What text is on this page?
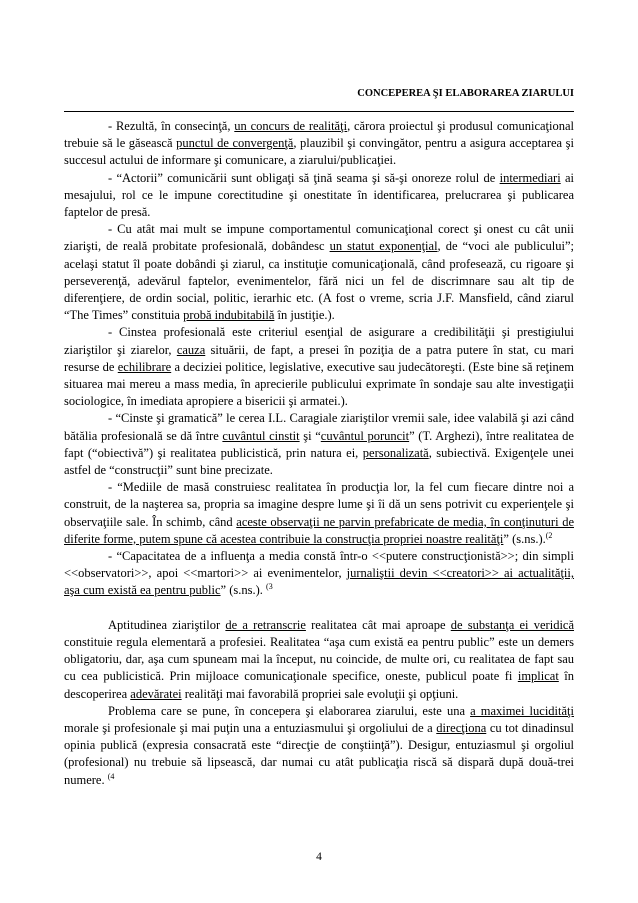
CONCEPEREA ŞI ELABORAREA ZIARULUI

- Rezultă, în consecinţă, un concurs de realităţi, cărora proiectul şi produsul comunicaţional trebuie să le găsească punctul de convergenţă, plauzibil şi convingător, pentru a asigura acceptarea şi succesul actului de informare şi comunicare, a ziarului/publicaţiei.

- “Actorii” comunicării sunt obligaţi să ţină seama şi să-şi onoreze rolul de intermediari ai mesajului, rol ce le impune corectitudine şi onestitate în identificarea, prelucrarea şi publicarea faptelor de presă.

- Cu atât mai mult se impune comportamentul comunicaţional corect şi onest cu cât unii ziarişti, de reală probitate profesională, dobândesc un statut exponenţial, de “voci ale publicului”; acelaşi statut îl poate dobândi şi ziarul, ca instituţie comunicaţională, când profesează, cu rigoare şi perseverenţă, adevărul faptelor, evenimentelor, fără nici un fel de discrimnare sau alt tip de diferenţiere, de ordin social, politic, ierarhic etc. (A fost o vreme, scria J.F. Mansfield, când ziarul “The Times” constituia probă indubitabilă în justiţie.).

- Cinstea profesională este criteriul esenţial de asigurare a credibilităţii şi prestigiului ziariştilor şi ziarelor, cauza situării, de fapt, a presei în poziţia de a patra putere în stat, cu mari resurse de echilibrare a deciziei politice, legislative, executive sau judecătoreşti. (Este bine să reţinem situarea mai mereu a mass media, în aprecierile publicului exprimate în sondaje sau alte investigaţii sociologice, în imediata apropiere a bisericii şi armatei.).

- “Cinste şi gramatică” le cerea I.L. Caragiale ziariştilor vremii sale, idee valabilă şi azi când bătălia profesională se dă între cuvântul cinstit şi “cuvântul poruncit” (T. Arghezi), între realitatea de fapt (“obiectivă”) şi realitatea publicistică, prin natura ei, personalizată, subiectivă. Exigenţele unei astfel de “construcţii” sunt bine precizate.

- “Mediile de masă construiesc realitatea în producţia lor, la fel cum fiecare dintre noi a construit, de la naşterea sa, propria sa imagine despre lume şi îi dă un sens potrivit cu experienţele şi observaţiile sale. În schimb, când aceste observaţii ne parvin prefabricate de media, în conţinuturi de diferite forme, putem spune că acestea contribuie la construcţia propriei noastre realităţi” (s.ns.).$^{(2}$

- “Capacitatea de a influenţa a media constă într-o <<putere construcţionistă>>; din simpli <<observatori>>, apoi <<martori>> ai evenimentelor, jurnaliştii devin <<creatori>> ai actualităţii, aşa cum există ea pentru public” (s.ns.). $^{(3}$

Aptitudinea ziariştilor de a retranscrie realitatea cât mai aproape de substanţa ei veridică constituie regula elementară a profesiei. Realitatea “aşa cum există ea pentru public” este un demers obligatoriu, dar, aşa cum spuneam mai la început, nu coincide, de multe ori, cu realitatea de fapt sau cu cea publicistică. Prin mijloace comunicaţionale specifice, oneste, publicul poate fi implicat în descoperirea adevăratei realităţi mai favorabilă propriei sale evoluţii şi opţiuni.

Problema care se pune, în concepera şi elaborarea ziarului, este una a maximei lucidităţi morale şi profesionale şi mai puţin una a entuziasmului şi orgoliului de a direcţiona cu tot dinadinsul opinia publică (expresia consacrată este “direcţie de conştiinţă”). Desigur, entuziasmul şi orgoliul (profesional) nu trebuie să lipsească, dar numai cu atât publicaţia riscă să dispară după două-trei numere. $^{(4}$

4
